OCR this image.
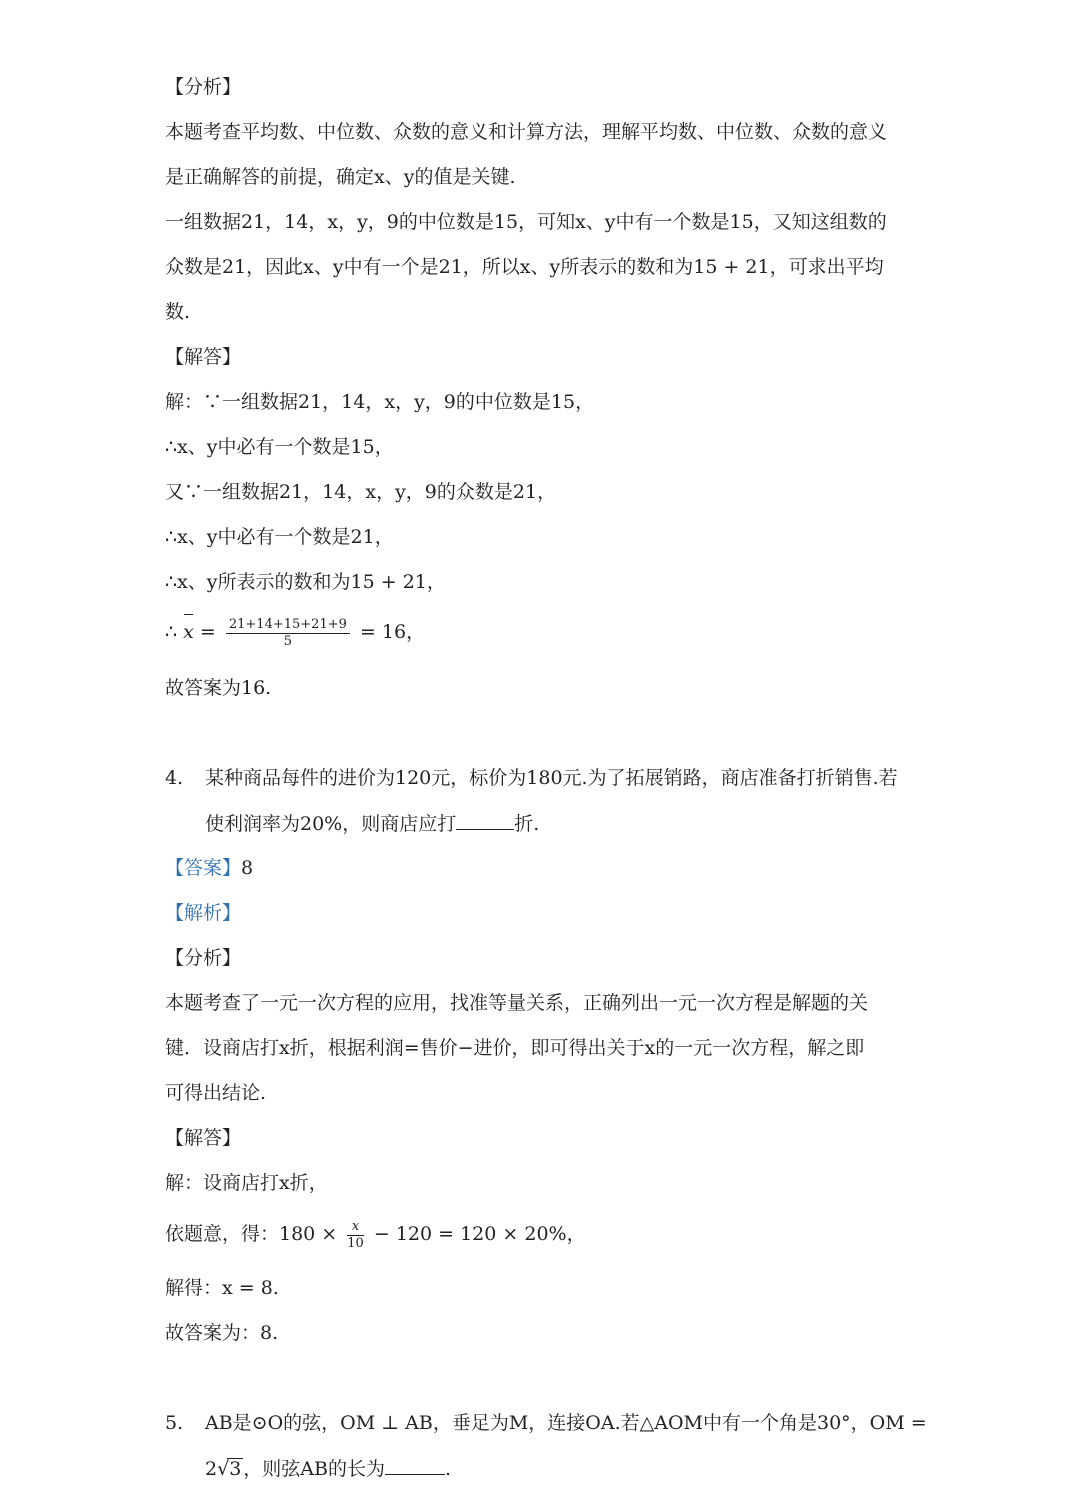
【分析】
本题考查平均数、中位数、众数的意义和计算方法，理解平均数、中位数、众数的意义
是正确解答的前提，确定x、y的值是关键.
一组数据21，14，x，y，9的中位数是15，可知x、y中有一个数是15，又知这组数的
众数是21，因此x、y中有一个是21，所以x、y所表示的数和为15 + 21，可求出平均
数.
【解答】
解：∵一组数据21，14，x，y，9的中位数是15，
∴x、y中必有一个数是15，
又∵一组数据21，14，x，y，9的众数是21，
∴x、y中必有一个数是21，
∴x、y所表示的数和为15 + 21，
∴ $x = \frac{21+14+15+21+9}{5} = 16$，
故答案为16.
4. 某种商品每件的进价为120元，标价为180元.为了拓展销路，商店准备打折销售.若
使利润率为20%，则商店应打	折.
【答案】8
【解析】
【分析】
本题考查了一元一次方程的应用，找准等量关系，正确列出一元一次方程是解题的关
键．设商店打x折，根据利润=售价−进价，即可得出关于x的一元一次方程，解之即
可得出结论.
【解答】
解：设商店打x折，
依题意，得：$180 \times \frac{x}{10} - 120 = 120 \times 20\%$，
解得：x = 8.
故答案为：8.
5. AB是⊙O的弦，OM ⊥ AB，垂足为M，连接OA.若△AOM中有一个角是30°，OM =
2√3 ，则弦AB的长为	.
